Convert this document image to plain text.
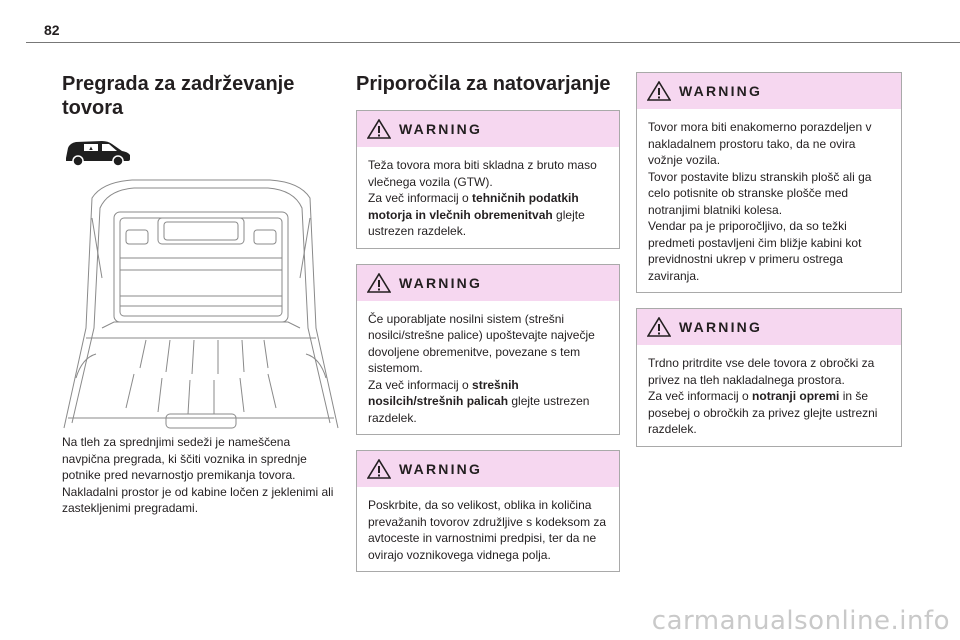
82
Pregrada za zadrževanje tovora
▲

Na tleh za sprednjimi sedeži je nameščena navpična pregrada, ki ščiti voznika in sprednje potnike pred nevarnostjo premikanja tovora. Nakladalni prostor je od kabine ločen z jeklenimi ali zastekljenimi pregradami.

Priporočila za natovarjanje
WARNING

Teža tovora mora biti skladna z bruto maso vlečnega vozila (GTW).

Za več informacij o tehničnih podatkih motorja in vlečnih obremenitvah glejte ustrezen razdelek.

WARNING

Če uporabljate nosilni sistem (strešni nosilci/strešne palice) upoštevajte največje dovoljene obremenitve, povezane s tem sistemom.

Za več informacij o strešnih nosilcih/strešnih palicah glejte ustrezen razdelek.

WARNING

Poskrbite, da so velikost, oblika in količina prevažanih tovorov združljive s kodeksom za avtoceste in varnostnimi predpisi, ter da ne ovirajo voznikovega vidnega polja.

WARNING

Tovor mora biti enakomerno porazdeljen v nakladalnem prostoru tako, da ne ovira vožnje vozila.

Tovor postavite blizu stranskih plošč ali ga celo potisnite ob stranske plošče med notranjimi blatniki kolesa.

Vendar pa je priporočljivo, da so težki predmeti postavljeni čim bližje kabini kot previdnostni ukrep v primeru ostrega zaviranja.

WARNING

Trdno pritrdite vse dele tovora z obročki za privez na tleh nakladalnega prostora.

Za več informacij o notranji opremi in še posebej o obročkih za privez glejte ustrezni razdelek.

carmanualsonline.info
